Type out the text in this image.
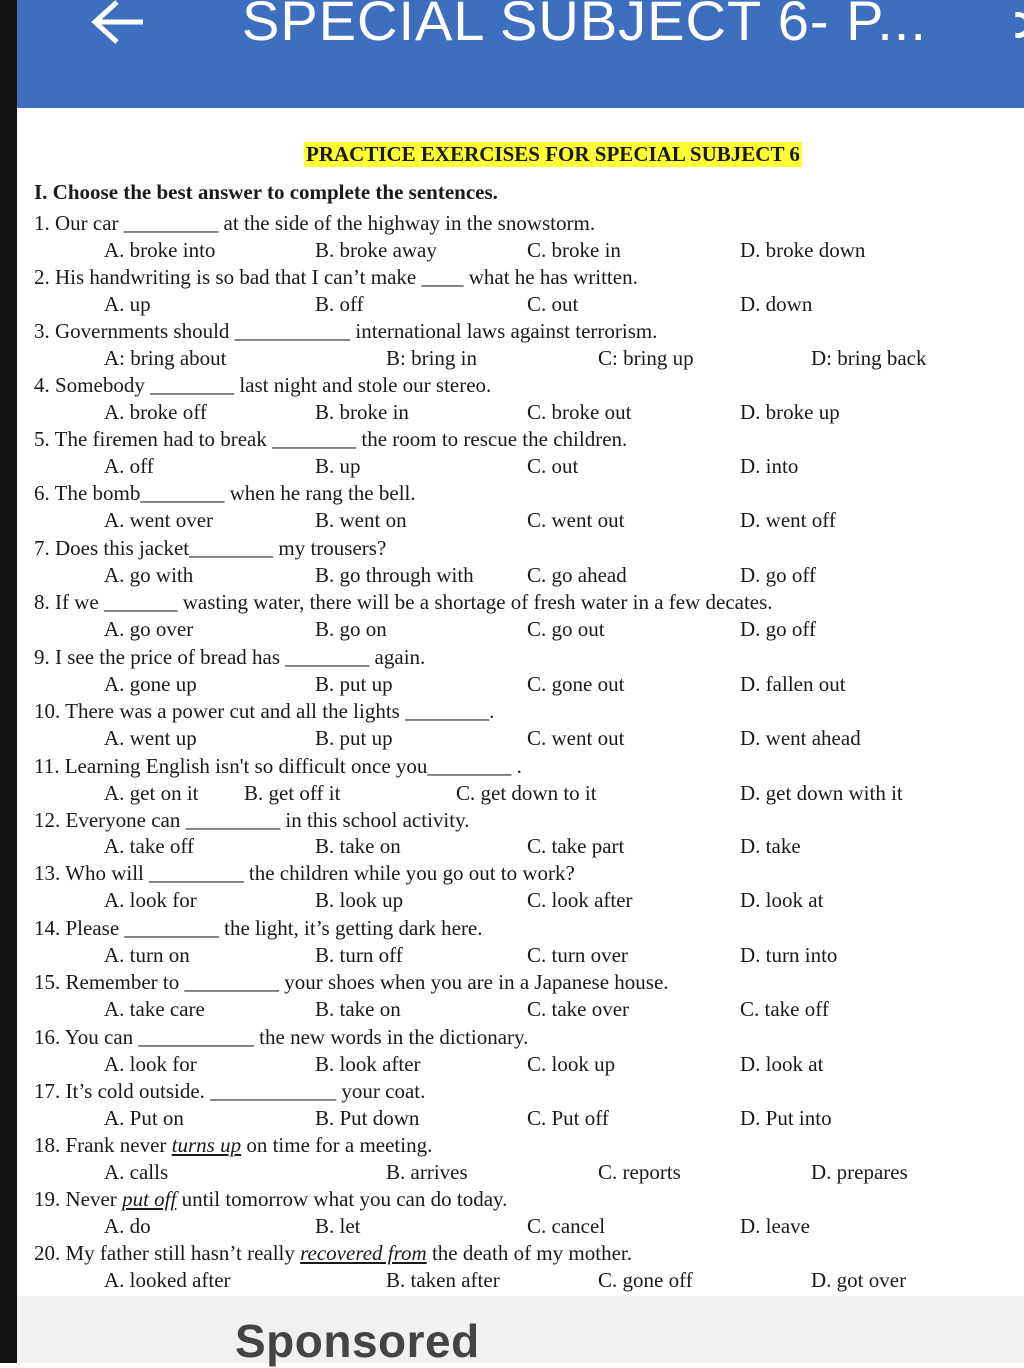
SPECIAL SUBJECT 6- P...
PRACTICE EXERCISES FOR SPECIAL SUBJECT 6
I. Choose the best answer to complete the sentences.
1. Our car _________ at the side of the highway in the snowstorm.
A. broke into	B. broke away	C. broke in	D. broke down
2. His handwriting is so bad that I can’t make ____ what he has written.
A. up	B. off	C. out	D. down
3. Governments should ___________ international laws against terrorism.
A: bring about	B: bring in	C: bring up	D: bring back
4. Somebody ________ last night and stole our stereo.
A. broke off	B. broke in	C. broke out	D. broke up
5. The firemen had to break ________ the room to rescue the children.
A. off	B. up	C. out	D. into
6. The bomb________ when he rang the bell.
A. went over	B. went on	C. went out	D. went off
7. Does this jacket________ my trousers?
A. go with	B. go through with	C. go ahead	D. go off
8. If we _______ wasting water, there will be a shortage of fresh water in a few decates.
A. go over	B. go on	C. go out	D. go off
9. I see the price of bread has ________ again.
A. gone up	B. put up	C. gone out	D. fallen out
10. There was a power cut and all the lights ________.
A. went up	B. put up	C. went out	D. went ahead
11. Learning English isn't so difficult once you________ .
A. get on it B. get off it	C. get down to it	D. get down with it
12. Everyone can _________ in this school activity.
A. take off	B. take on	C. take part	D. take
13. Who will _________ the children while you go out to work?
A. look for	B. look up	C. look after	D. look at
14. Please _________ the light, it’s getting dark here.
A. turn on	B. turn off	C. turn over	D. turn into
15. Remember to _________ your shoes when you are in a Japanese house.
A. take care	B. take on	C. take over	C. take off
16. You can ___________ the new words in the dictionary.
A. look for	B. look after	C. look up	D. look at
17. It’s cold outside. ____________ your coat.
A. Put on	B. Put down	C. Put off	D. Put into
18. Frank never turns up on time for a meeting.
A. calls	B. arrives	C. reports	D. prepares
19. Never put off until tomorrow what you can do today.
A. do	B. let	C. cancel	D. leave
20. My father still hasn’t really recovered from the death of my mother.
A. looked after	B. taken after	C. gone off	D. got over
Sponsored
